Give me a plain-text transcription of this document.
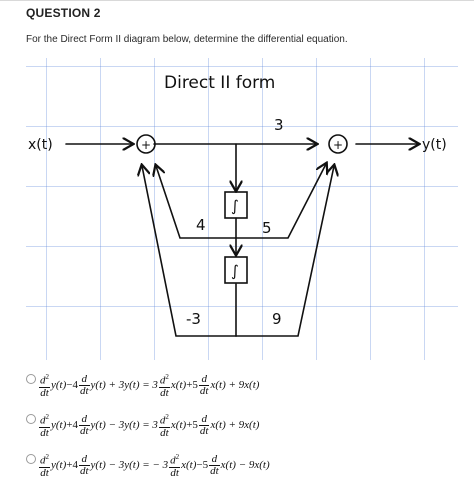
QUESTION 2
For the Direct Form II diagram below, determine the differential equation.
Direct II form
x(t)	y(t)
+	+
∫
∫
3
4	5
-3	9
$\frac{d^2}{dt} y(t)-4 \frac{d}{dt} y(t) + 3y(t) = 3 \frac{d^2}{dt} x(t)+5 \frac{d}{dt} x(t) + 9x(t)$
$\frac{d^2}{dt} y(t)+4 \frac{d}{dt} y(t) - 3y(t) = 3 \frac{d^2}{dt} x(t)+5 \frac{d}{dt} x(t) + 9x(t)$
$\frac{d^2}{dt} y(t)+4 \frac{d}{dt} y(t) - 3y(t)$ = − $3 \frac{d^2}{dt} x(t)-5 \frac{d}{dt} x(t) - 9x(t)$
